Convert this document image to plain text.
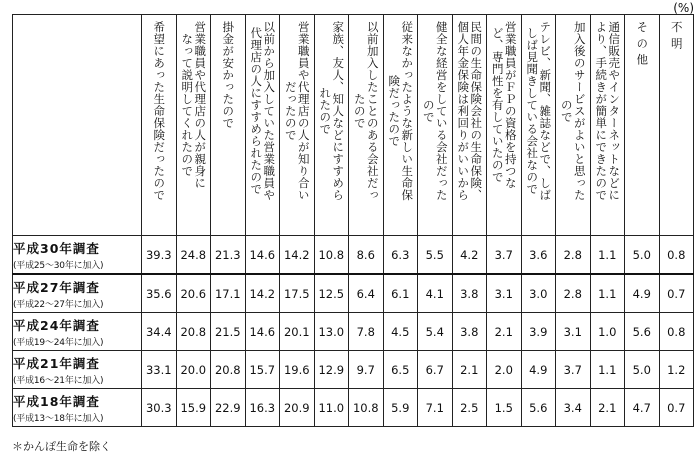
(%)

	希望にあった生命保険だったので	営業職員や代理店の人が親身に
なって説明してくれたので	掛金が安かったので	以前から加入していた営業職員や
代理店の人にすすめられたので	営業職員や代理店の人が知り合い
だったので	家族、友人、知人などにすすめら
れたので	以前加入したことのある会社だっ
たので	従来なかったような新しい生命保
険だったので	健全な経営をしている会社だった
ので	民間の生命保険会社の生命保険、
個人年金保険は利回りがいいから	営業職員がＦＰの資格を持つな
ど、専門性を有していたので	テレビ、新聞、雑誌などで、しば
しば見聞きしている会社なので	加入後のサービスがよいと思った
ので	通信販売やインターネットなどに
より、手続きが簡単にできたので	そ の 他	不 明

平成30年調査
(平成25〜30年に加入)	39.3	24.8	21.3	14.6	14.2	10.8	8.6	6.3	5.5	4.2	3.7	3.6	2.8	1.1	5.0	0.8

平成27年調査
(平成22〜27年に加入)	35.6	20.6	17.1	14.2	17.5	12.5	6.4	6.1	4.1	3.8	3.1	3.0	2.8	1.1	4.9	0.7

平成24年調査
(平成19〜24年に加入)	34.4	20.8	21.5	14.6	20.1	13.0	7.8	4.5	5.4	3.8	2.1	3.9	3.1	1.0	5.6	0.8

平成21年調査
(平成16〜21年に加入)	33.1	20.0	20.8	15.7	19.6	12.9	9.7	6.5	6.7	2.1	2.0	4.9	3.7	1.1	5.0	1.2

平成18年調査
(平成13〜18年に加入)	30.3	15.9	22.9	16.3	20.9	11.0	10.8	5.9	7.1	2.5	1.5	5.6	3.4	2.1	4.7	0.7
＊かんぽ生命を除く
